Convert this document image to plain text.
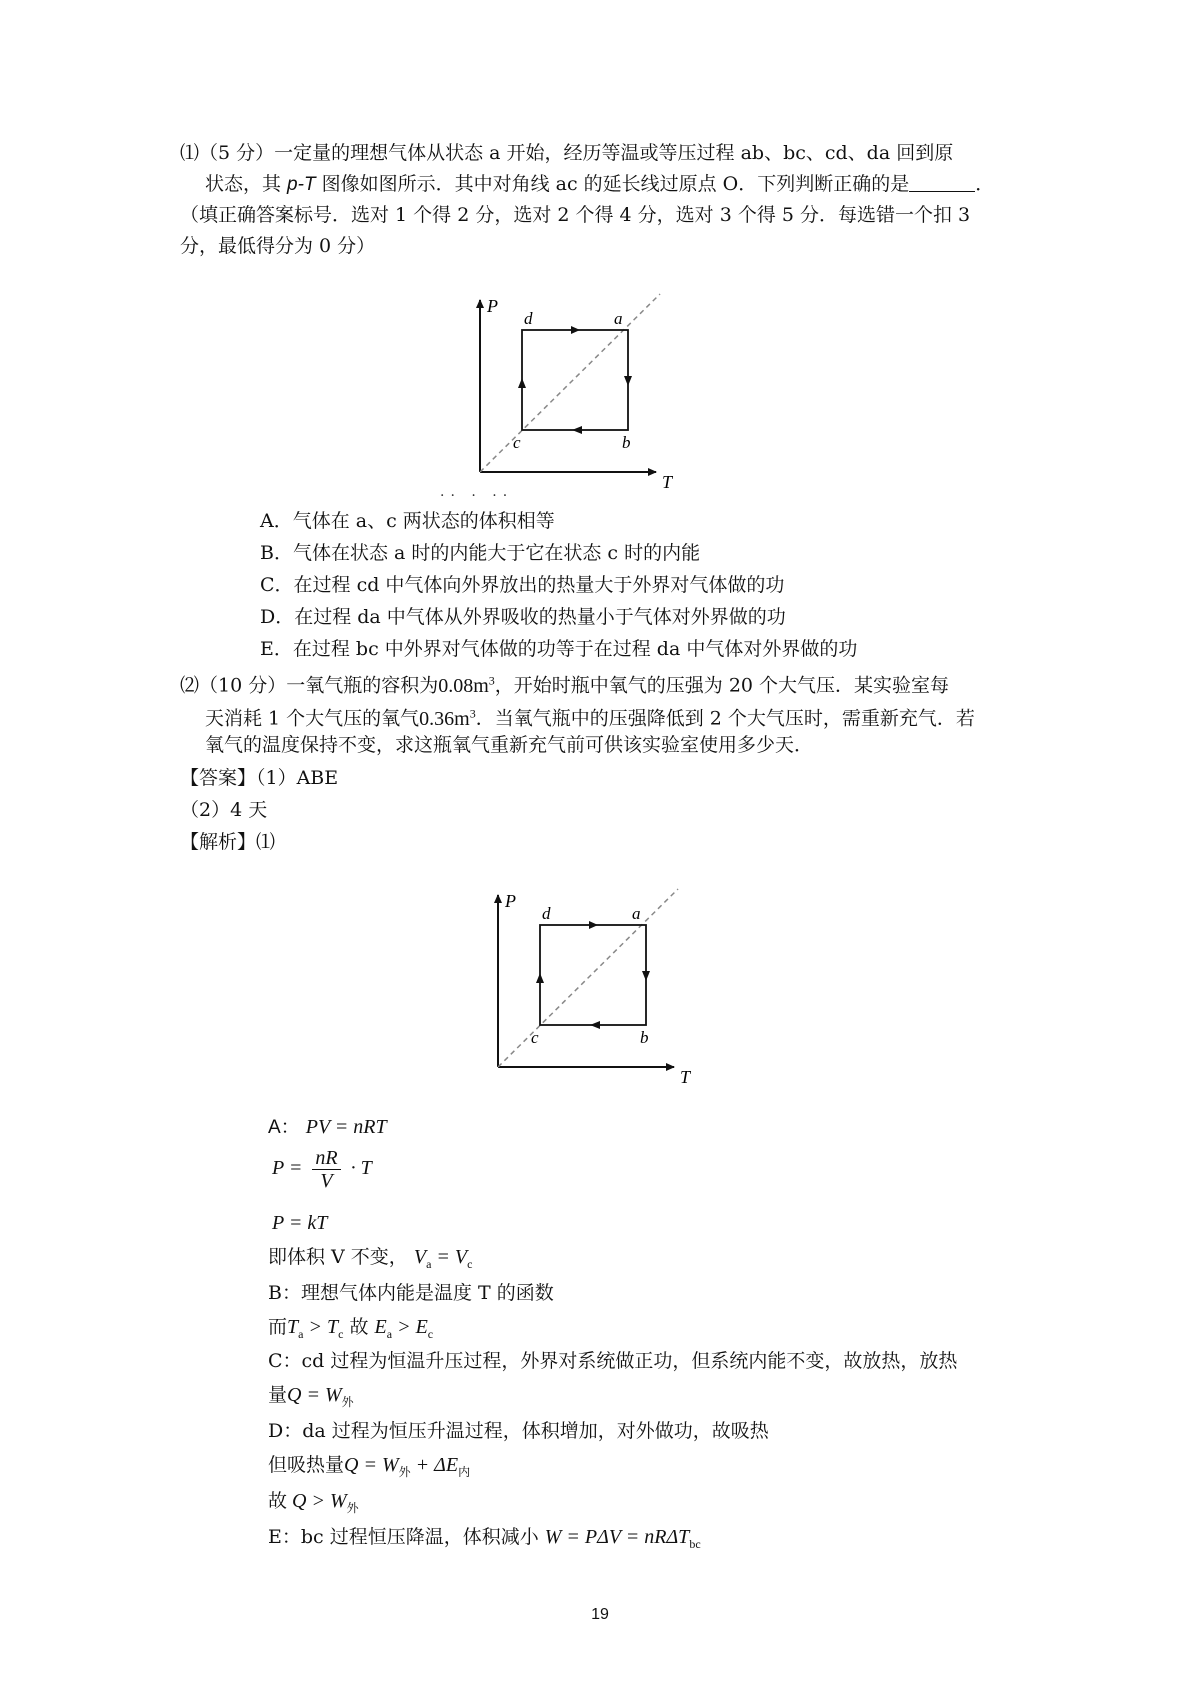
⑴（5 分）一定量的理想气体从状态 a 开始，经历等温或等压过程 ab、bc、cd、da 回到原
状态，其 p-T 图像如图所示．其中对角线 ac 的延长线过原点 O．下列判断正确的是	．
（填正确答案标号．选对 1 个得 2 分，选对 2 个得 4 分，选对 3 个得 5 分．每选错一个扣 3
分，最低得分为 0 分）
P
T
d	a
b
c
·· · ··
A．气体在 a、c 两状态的体积相等
B．气体在状态 a 时的内能大于它在状态 c 时的内能
C．在过程 cd 中气体向外界放出的热量大于外界对气体做的功
D．在过程 da 中气体从外界吸收的热量小于气体对外界做的功
E．在过程 bc 中外界对气体做的功等于在过程 da 中气体对外界做的功
⑵（10 分）一氧气瓶的容积为$0.08m^3$，开始时瓶中氧气的压强为 20 个大气压．某实验室每
天消耗 1 个大气压的氧气$0.36m^3$．当氧气瓶中的压强降低到 2 个大气压时，需重新充气．若
氧气的温度保持不变，求这瓶氧气重新充气前可供该实验室使用多少天．
【答案】（1）ABE
（2）4 天
【解析】⑴
P
T
d	a
b
c
A： PV = nRT
$P = \frac{nR}{V} \cdot T$
P = kT
即体积 V 不变， $V_a = V_c$
B：理想气体内能是温度 T 的函数
而$T_a > T_c$ 故 $E_a > E_c$
C：cd 过程为恒温升压过程，外界对系统做正功，但系统内能不变，故放热，放热
量$Q = W_外$
D：da 过程为恒压升温过程，体积增加，对外做功，故吸热
但吸热量$Q = W_外 + \Delta E_内$
故 $Q > W_外$
E：bc 过程恒压降温，体积减小 W = PΔV = nRΔT$_{bc}$
19
